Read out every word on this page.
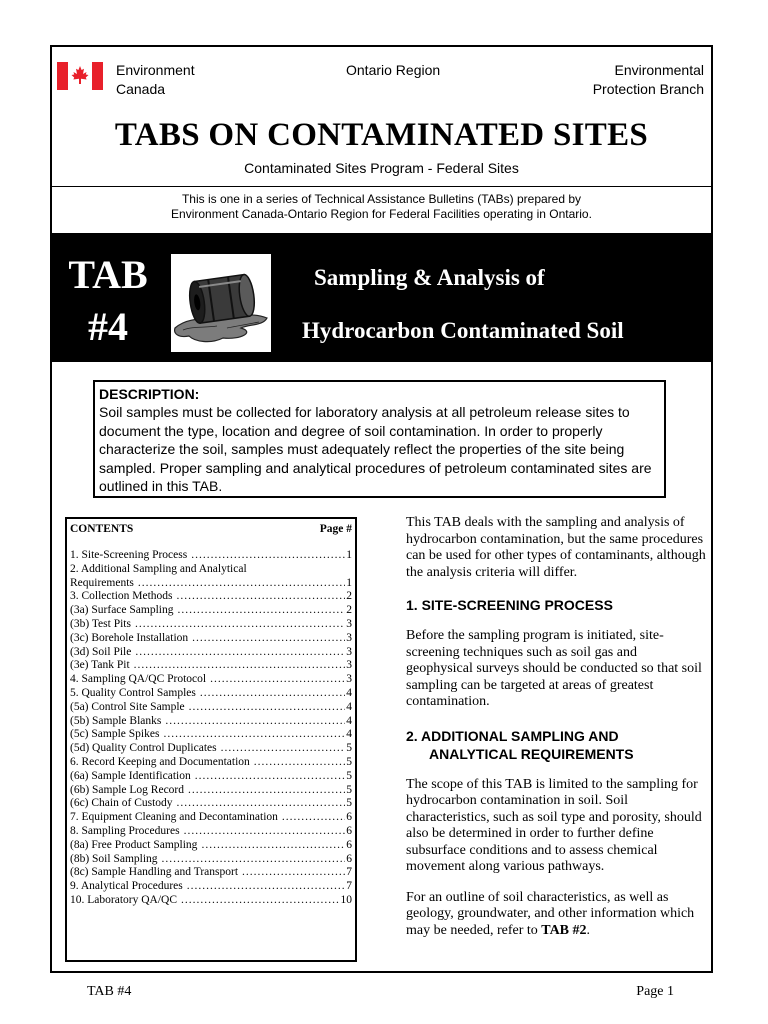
Environment
Canada
Ontario Region	Environmental
Protection Branch
TABS ON CONTAMINATED SITES
Contaminated Sites Program - Federal Sites
This is one in a series of Technical Assistance Bulletins (TABs) prepared by
Environment Canada-Ontario Region for Federal Facilities operating in Ontario.
TAB
#4
Sampling & Analysis of
Hydrocarbon Contaminated Soil
DESCRIPTION:
Soil samples must be collected for laboratory analysis at all petroleum release sites to document the type, location and degree of soil contamination. In order to properly characterize the soil, samples must adequately reflect the properties of the site being sampled. Proper sampling and analytical procedures of petroleum contaminated sites are outlined in this TAB.
CONTENTS	Page #
1. Site-Screening Process .....	1
2. Additional Sampling and Analytical
Requirements .....	1
3. Collection Methods .....	2
(3a) Surface Sampling .....	2
(3b) Test Pits .....	3
(3c) Borehole Installation .....	3
(3d) Soil Pile .....	3
(3e) Tank Pit .....	3
4. Sampling QA/QC Protocol .....	3
5. Quality Control Samples .....	4
(5a) Control Site Sample .....	4
(5b) Sample Blanks .....	4
(5c) Sample Spikes .....	4
(5d) Quality Control Duplicates .....	5
6. Record Keeping and Documentation .....	5
(6a) Sample Identification .....	5
(6b) Sample Log Record .....	5
(6c) Chain of Custody .....	5
7. Equipment Cleaning and Decontamination .....	6
8. Sampling Procedures .....	6
(8a) Free Product Sampling .....	6
(8b) Soil Sampling .....	6
(8c) Sample Handling and Transport .....	7
9. Analytical Procedures .....	7
10. Laboratory QA/QC .....	10

This TAB deals with the sampling and analysis of hydrocarbon contamination, but the same procedures can be used for other types of contaminants, although the analysis criteria will differ.

1. SITE-SCREENING PROCESS

Before the sampling program is initiated, site-screening techniques such as soil gas and geophysical surveys should be conducted so that soil sampling can be targeted at areas of greatest contamination.

2. ADDITIONAL SAMPLING AND
ANALYTICAL REQUIREMENTS

The scope of this TAB is limited to the sampling for hydrocarbon contamination in soil. Soil characteristics, such as soil type and porosity, should also be determined in order to further define subsurface conditions and to assess chemical movement along various pathways.

For an outline of soil characteristics, as well as geology, groundwater, and other information which may be needed, refer to TAB #2.

TAB #4	Page 1
